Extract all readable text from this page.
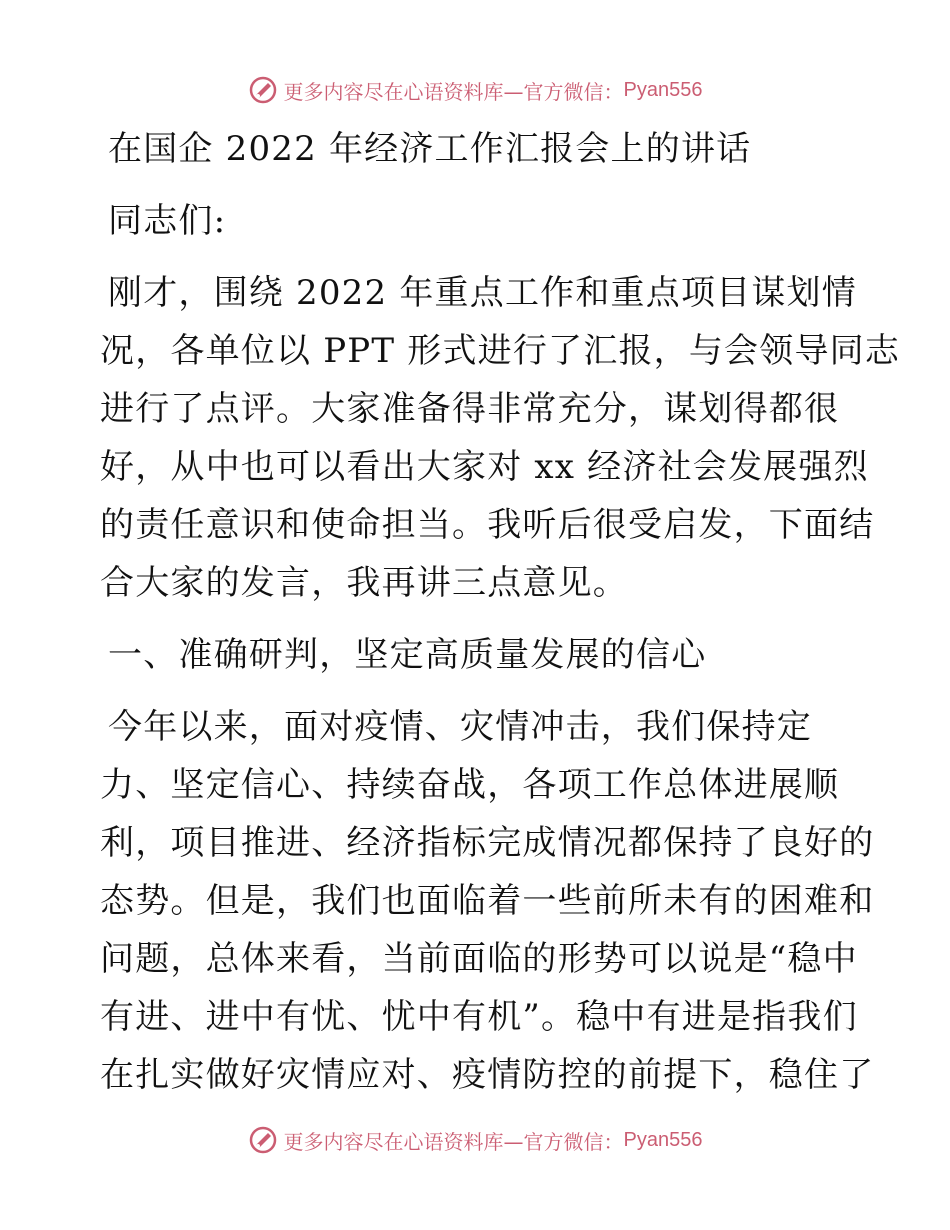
更多内容尽在心语资料库—官方微信： Pyan556
在国企 2022 年经济工作汇报会上的讲话
同志们:
刚才，围绕 2022 年重点工作和重点项目谋划情
况，各单位以 PPT 形式进行了汇报，与会领导同志
进行了点评。大家准备得非常充分，谋划得都很
好，从中也可以看出大家对 xx 经济社会发展强烈
的责任意识和使命担当。我听后很受启发，下面结
合大家的发言，我再讲三点意见。
一、准确研判，坚定高质量发展的信心
今年以来，面对疫情、灾情冲击，我们保持定
力、坚定信心、持续奋战，各项工作总体进展顺
利，项目推进、经济指标完成情况都保持了良好的
态势。但是，我们也面临着一些前所未有的困难和
问题，总体来看，当前面临的形势可以说是“稳中
有进、进中有忧、忧中有机”。稳中有进是指我们
在扎实做好灾情应对、疫情防控的前提下，稳住了
更多内容尽在心语资料库—官方微信： Pyan556
